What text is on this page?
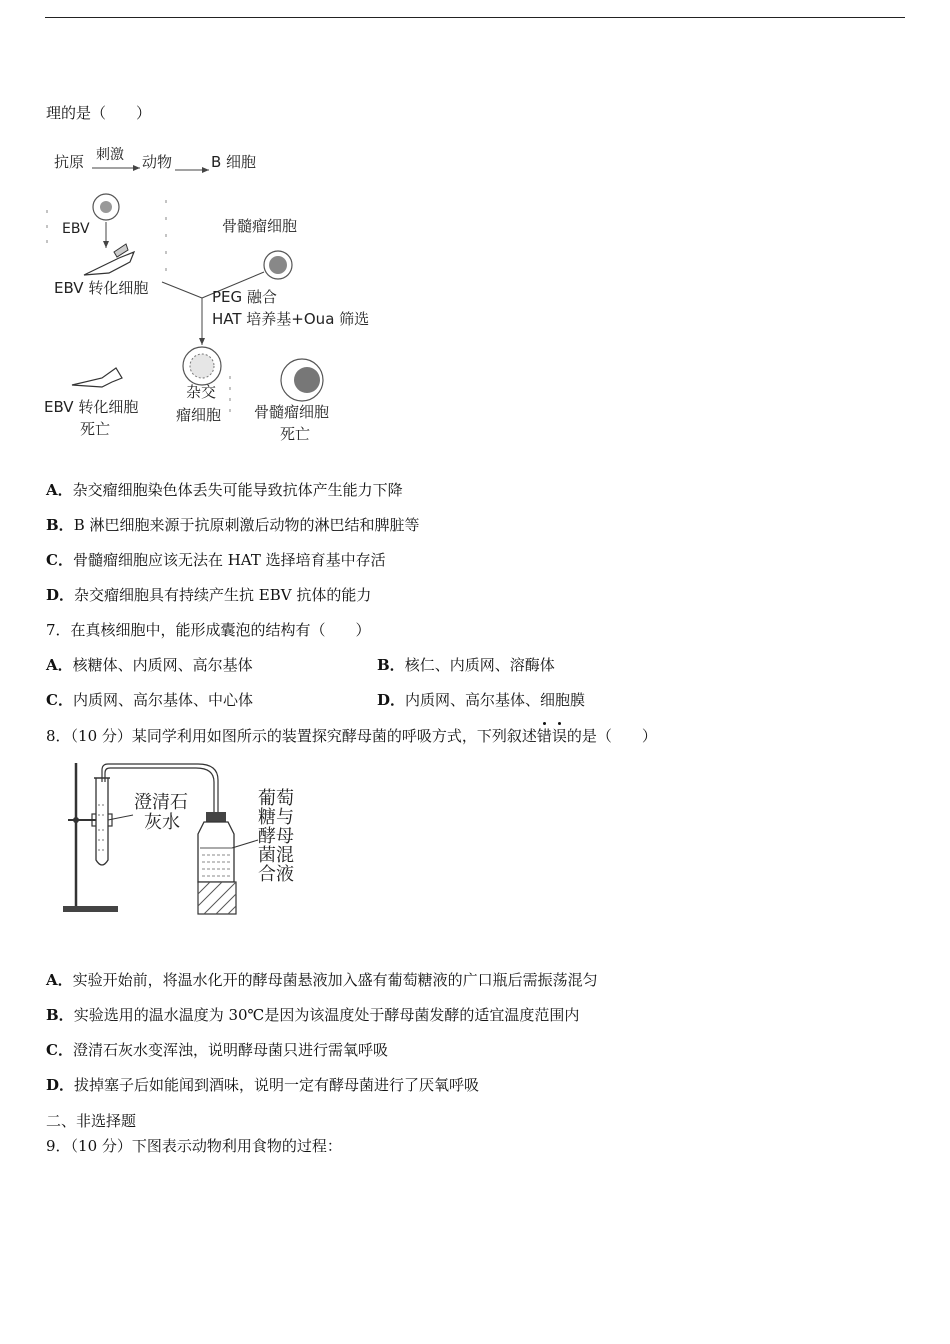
理的是（　　）
抗原 刺激 动物	B 细胞
EBV
EBV 转化细胞
骨髓瘤细胞
PEG 融合
HAT 培养基+Oua 筛选
EBV 转化细胞
死亡
杂交
瘤细胞 骨髓瘤细胞
死亡
A．杂交瘤细胞染色体丢失可能导致抗体产生能力下降
B．B 淋巴细胞来源于抗原刺激后动物的淋巴结和脾脏等
C．骨髓瘤细胞应该无法在 HAT 选择培育基中存活
D．杂交瘤细胞具有持续产生抗 EBV 抗体的能力
7．在真核细胞中，能形成囊泡的结构有（　　）
A．核糖体、内质网、高尔基体	B．核仁、内质网、溶酶体
C．内质网、高尔基体、中心体	D．内质网、高尔基体、细胞膜
8．（10 分）某同学利用如图所示的装置探究酵母菌的呼吸方式，下列叙述错误的是（　　）
澄清石
灰水
葡萄
糖与
酵母
菌混
合液
A．实验开始前，将温水化开的酵母菌悬液加入盛有葡萄糖液的广口瓶后需振荡混匀
B．实验选用的温水温度为 30℃是因为该温度处于酵母菌发酵的适宜温度范围内
C．澄清石灰水变浑浊，说明酵母菌只进行需氧呼吸
D．拔掉塞子后如能闻到酒味，说明一定有酵母菌进行了厌氧呼吸
二、非选择题
9．（10 分）下图表示动物利用食物的过程：
